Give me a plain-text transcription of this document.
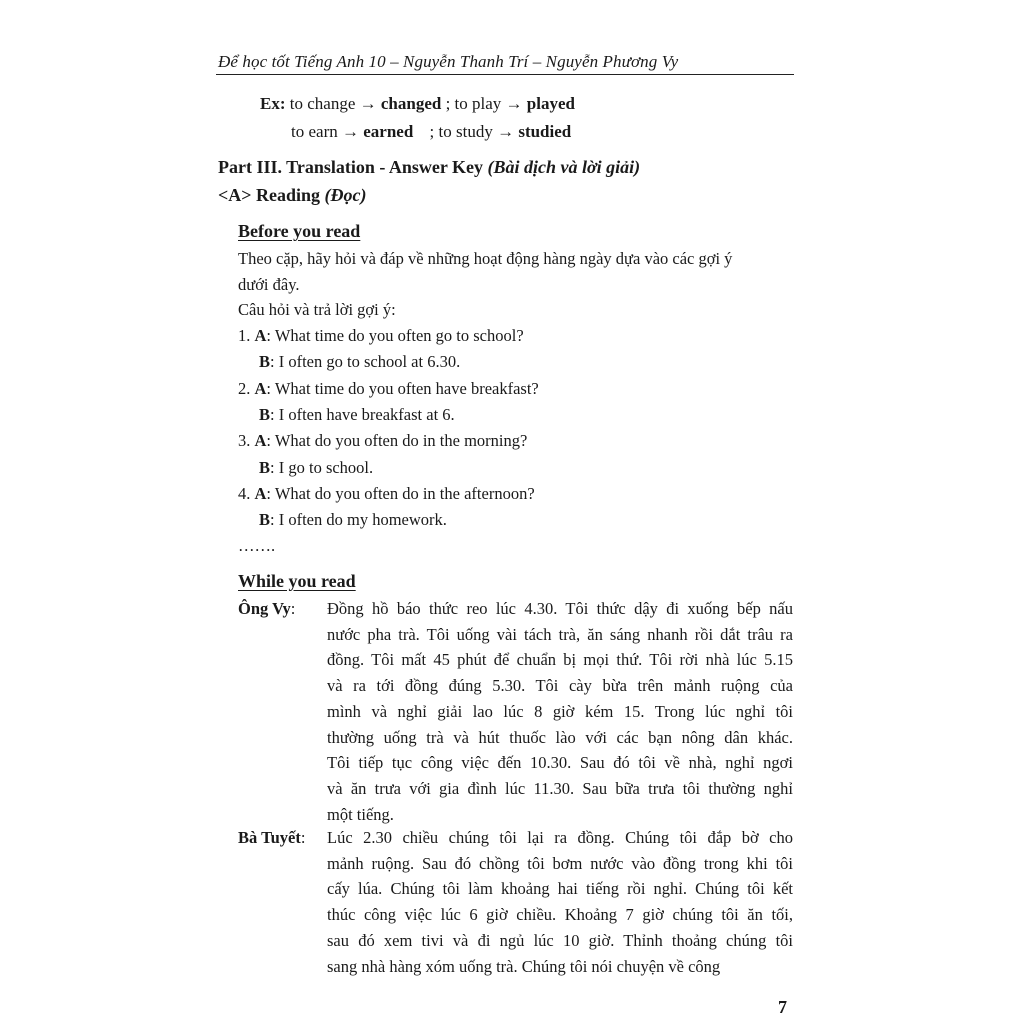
Để học tốt Tiếng Anh 10 – Nguyễn Thanh Trí – Nguyễn Phương Vy
Ex: to change → changed ; to play → played
to earn → earned ; to study → studied
Part III. Translation - Answer Key (Bài dịch và lời giải)
<A> Reading (Đọc)
Before you read
Theo cặp, hãy hỏi và đáp về những hoạt động hàng ngày dựa vào các gợi ý
dưới đây.
Câu hỏi và trả lời gợi ý:
1. A: What time do you often go to school?
B: I often go to school at 6.30.
2. A: What time do you often have breakfast?
B: I often have breakfast at 6.
3. A: What do you often do in the morning?
B: I go to school.
4. A: What do you often do in the afternoon?
B: I often do my homework.
…….
While you read
Ông Vy: Đồng hồ báo thức reo lúc 4.30. Tôi thức dậy đi xuống bếp nấu
nước pha trà. Tôi uống vài tách trà, ăn sáng nhanh rồi dắt trâu ra
đồng. Tôi mất 45 phút để chuẩn bị mọi thứ. Tôi rời nhà lúc 5.15
và ra tới đồng đúng 5.30. Tôi cày bừa trên mảnh ruộng của
mình và nghỉ giải lao lúc 8 giờ kém 15. Trong lúc nghỉ tôi
thường uống trà và hút thuốc lào với các bạn nông dân khác.
Tôi tiếp tục công việc đến 10.30. Sau đó tôi về nhà, nghỉ ngơi
và ăn trưa với gia đình lúc 11.30. Sau bữa trưa tôi thường nghỉ
một tiếng.
Bà Tuyết: Lúc 2.30 chiều chúng tôi lại ra đồng. Chúng tôi đắp bờ cho
mảnh ruộng. Sau đó chồng tôi bơm nước vào đồng trong khi tôi
cấy lúa. Chúng tôi làm khoảng hai tiếng rồi nghỉ. Chúng tôi kết
thúc công việc lúc 6 giờ chiều. Khoảng 7 giờ chúng tôi ăn tối,
sau đó xem tivi và đi ngủ lúc 10 giờ. Thỉnh thoảng chúng tôi
sang nhà hàng xóm uống trà. Chúng tôi nói chuyện về công
7
